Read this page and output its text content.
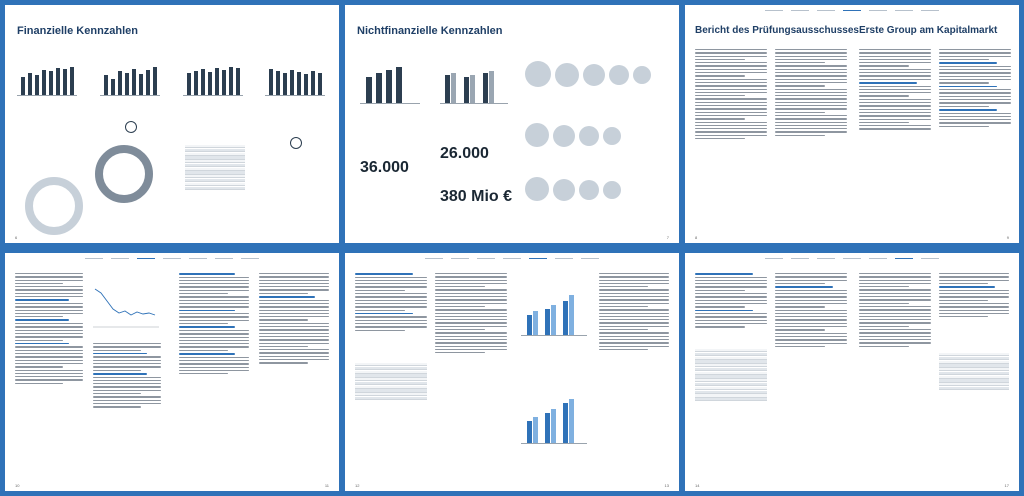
Finanzielle Kennzahlen
6
Nichtfinanzielle Kennzahlen
36.000
26.000
380 Mio €
7
Bericht des Prüfungsausschusses Erste Group am Kapitalmarkt
8	9
10	11	12	13	14	17
